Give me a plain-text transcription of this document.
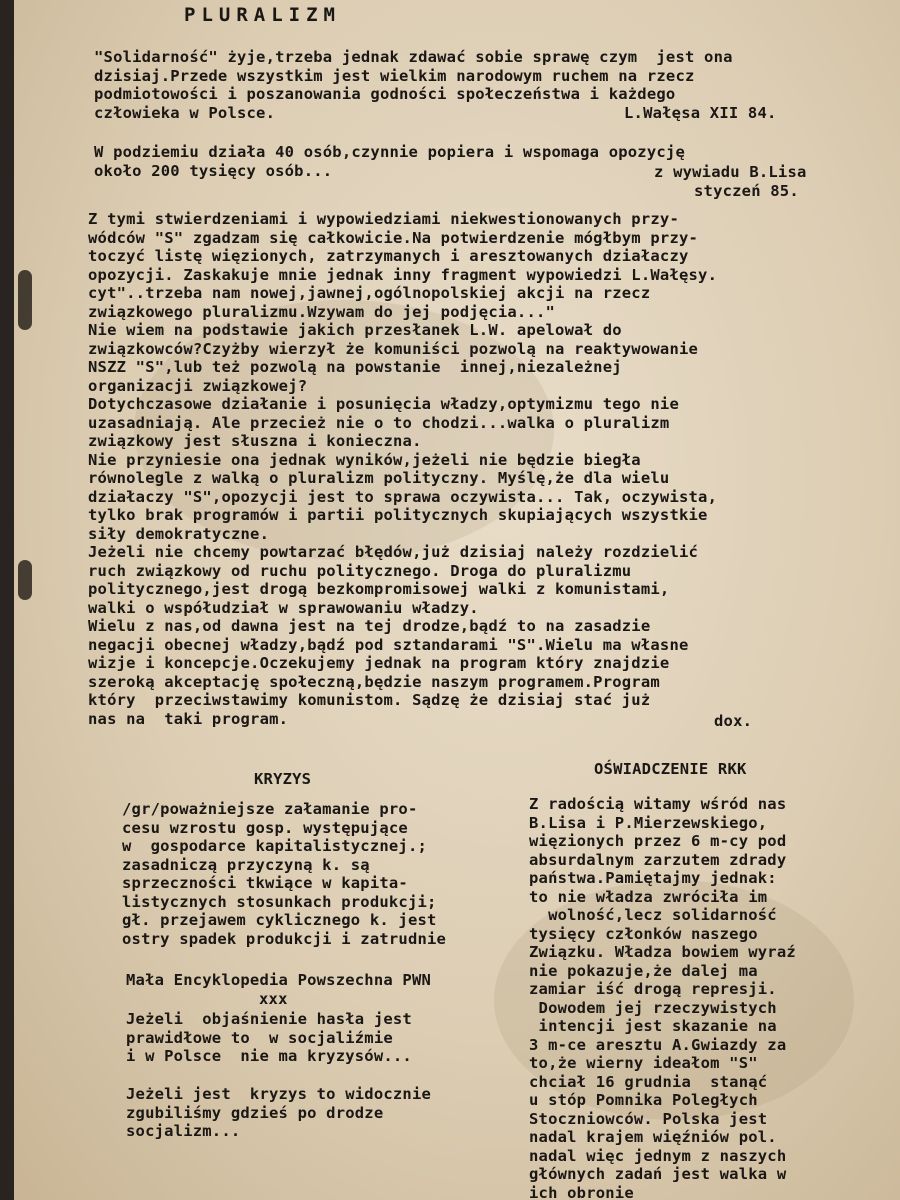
PLURALIZM
"Solidarność" żyje,trzeba jednak zdawać sobie sprawę czym  jest ona
dzisiaj.Przede wszystkim jest wielkim narodowym ruchem na rzecz
podmiotowości i poszanowania godności społeczeństwa i każdego
człowieka w Polsce.	L.Wałęsa XII 84.
W podziemiu działa 40 osób,czynnie popiera i wspomaga opozycję
około 200 tysięcy osób...	z wywiadu B.Lisa
styczeń 85.
Z tymi stwierdzeniami i wypowiedziami niekwestionowanych przy-
wódców "S" zgadzam się całkowicie.Na potwierdzenie mógłbym przy-
toczyć listę więzionych, zatrzymanych i aresztowanych działaczy
opozycji. Zaskakuje mnie jednak inny fragment wypowiedzi L.Wałęsy.
cyt"..trzeba nam nowej,jawnej,ogólnopolskiej akcji na rzecz
związkowego pluralizmu.Wzywam do jej podjęcia..."
Nie wiem na podstawie jakich przesłanek L.W. apelował do
związkowców?Czyżby wierzył że komuniści pozwolą na reaktywowanie
NSZZ "S",lub też pozwolą na powstanie  innej,niezależnej
organizacji związkowej?
Dotychczasowe działanie i posunięcia władzy,optymizmu tego nie
uzasadniają. Ale przecież nie o to chodzi...walka o pluralizm
związkowy jest słuszna i konieczna.
Nie przyniesie ona jednak wyników,jeżeli nie będzie biegła
równolegle z walką o pluralizm polityczny. Myślę,że dla wielu
działaczy "S",opozycji jest to sprawa oczywista... Tak, oczywista,
tylko brak programów i partii politycznych skupiających wszystkie
siły demokratyczne.
Jeżeli nie chcemy powtarzać błędów,już dzisiaj należy rozdzielić
ruch związkowy od ruchu politycznego. Droga do pluralizmu
politycznego,jest drogą bezkompromisowej walki z komunistami,
walki o współudział w sprawowaniu władzy.
Wielu z nas,od dawna jest na tej drodze,bądź to na zasadzie
negacji obecnej władzy,bądź pod sztandarami "S".Wielu ma własne
wizje i koncepcje.Oczekujemy jednak na program który znajdzie
szeroką akceptację społeczną,będzie naszym programem.Program
który  przeciwstawimy komunistom. Sądzę że dzisiaj stać już
nas na  taki program.	dox.
KRYZYS
OŚWIADCZENIE RKK
/gr/poważniejsze załamanie pro-
cesu wzrostu gosp. występujące
w  gospodarce kapitalistycznej.;
zasadniczą przyczyną k. są
sprzeczności tkwiące w kapita-
listycznych stosunkach produkcji;
gł. przejawem cyklicznego k. jest
ostry spadek produkcji i zatrudnie
Mała Encyklopedia Powszechna PWN
xxx
Jeżeli  objaśnienie hasła jest
prawidłowe to  w socjaliźmie
i w Polsce  nie ma kryzysów...
Jeżeli jest  kryzys to widocznie
zgubiliśmy gdzieś po drodze
socjalizm...
Z radością witamy wśród nas
B.Lisa i P.Mierzewskiego,
więzionych przez 6 m-cy pod
absurdalnym zarzutem zdrady
państwa.Pamiętajmy jednak:
to nie władza zwróciła im
wolność,lecz solidarność
tysięcy członków naszego
Związku. Władza bowiem wyraź
nie pokazuje,że dalej ma
zamiar iść drogą represji.
Dowodem jej rzeczywistych
intencji jest skazanie na
3 m-ce aresztu A.Gwiazdy za
to,że wierny ideałom "S"
chciał 16 grudnia  stanąć
u stóp Pomnika Poległych
Stoczniowców. Polska jest
nadal krajem więźniów pol.
nadal więc jednym z naszych
głównych zadań jest walka w
ich obronie
